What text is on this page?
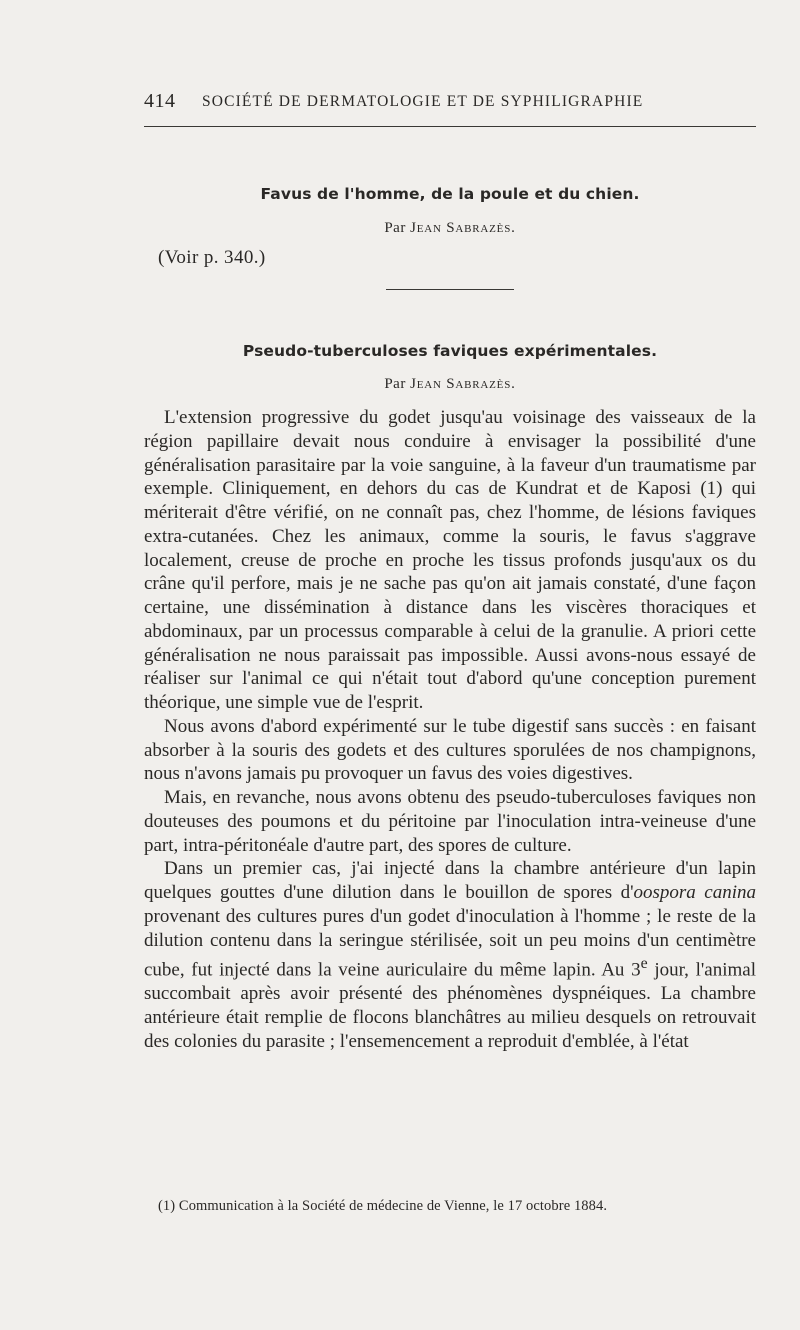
414 SOCIÉTÉ DE DERMATOLOGIE ET DE SYPHILIGRAPHIE
Favus de l'homme, de la poule et du chien.
Par Jean Sabrazès.
(Voir p. 340.)
Pseudo-tuberculoses faviques expérimentales.
Par Jean Sabrazès.

L'extension progressive du godet jusqu'au voisinage des vaisseaux de la région papillaire devait nous conduire à envisager la possibilité d'une généralisation parasitaire par la voie sanguine, à la faveur d'un traumatisme par exemple. Cliniquement, en dehors du cas de Kundrat et de Kaposi (1) qui mériterait d'être vérifié, on ne connaît pas, chez l'homme, de lésions faviques extra-cutanées. Chez les animaux, comme la souris, le favus s'aggrave localement, creuse de proche en proche les tissus profonds jusqu'aux os du crâne qu'il perfore, mais je ne sache pas qu'on ait jamais constaté, d'une façon certaine, une dissémination à distance dans les viscères thoraciques et abdominaux, par un processus comparable à celui de la granulie. A priori cette généralisation ne nous paraissait pas impossible. Aussi avons-nous essayé de réaliser sur l'animal ce qui n'était tout d'abord qu'une conception purement théorique, une simple vue de l'esprit.

Nous avons d'abord expérimenté sur le tube digestif sans succès : en faisant absorber à la souris des godets et des cultures sporulées de nos champignons, nous n'avons jamais pu provoquer un favus des voies digestives.

Mais, en revanche, nous avons obtenu des pseudo-tuberculoses faviques non douteuses des poumons et du péritoine par l'inoculation intra-veineuse d'une part, intra-péritonéale d'autre part, des spores de culture.

Dans un premier cas, j'ai injecté dans la chambre antérieure d'un lapin quelques gouttes d'une dilution dans le bouillon de spores d'oospora canina provenant des cultures pures d'un godet d'inoculation à l'homme ; le reste de la dilution contenu dans la seringue stérilisée, soit un peu moins d'un centimètre cube, fut injecté dans la veine auriculaire du même lapin. Au 3e jour, l'animal succombait après avoir présenté des phénomènes dyspnéiques. La chambre antérieure était remplie de flocons blanchâtres au milieu desquels on retrouvait des colonies du parasite ; l'ensemencement a reproduit d'emblée, à l'état

(1) Communication à la Société de médecine de Vienne, le 17 octobre 1884.
